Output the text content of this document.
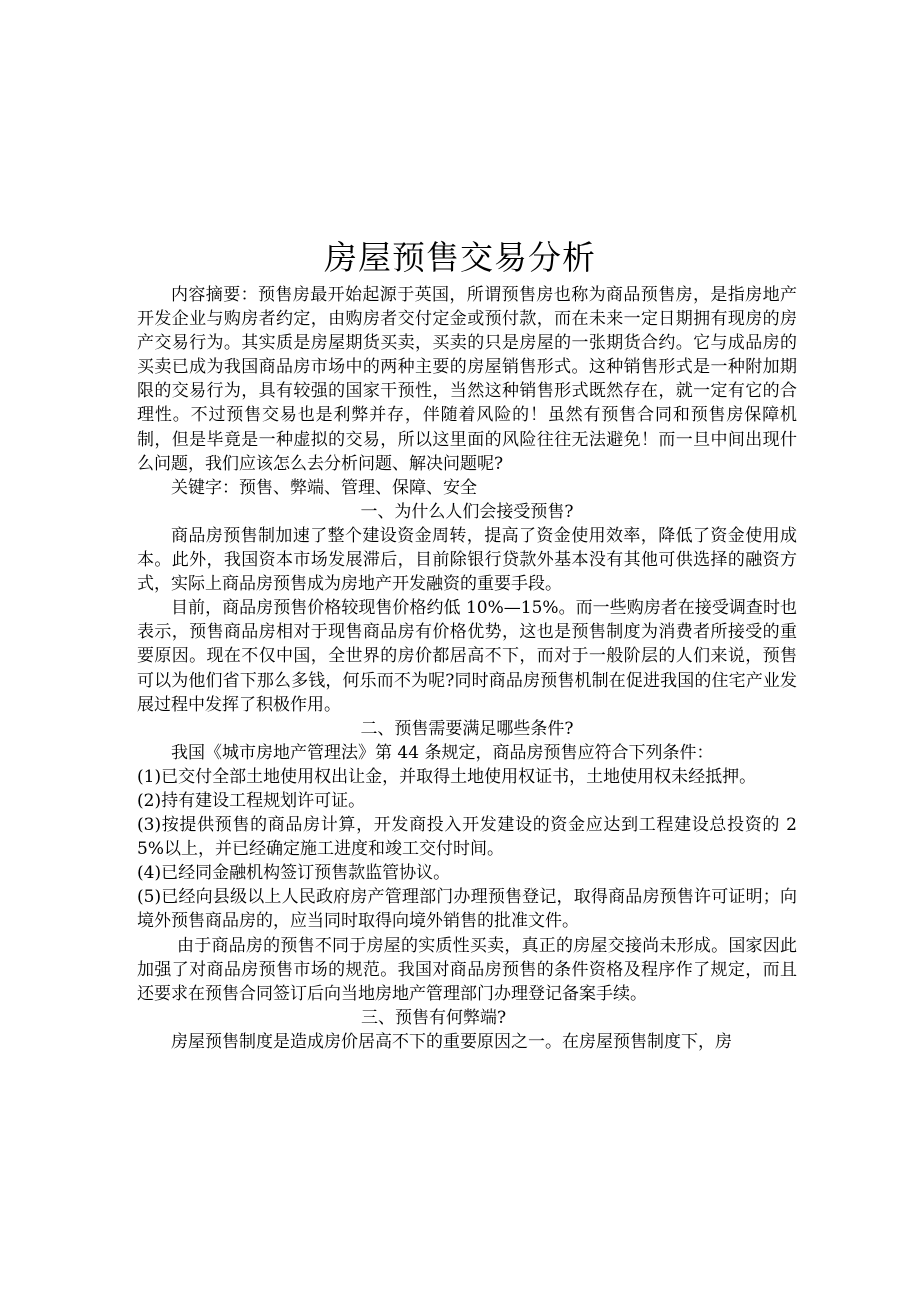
房屋预售交易分析

内容摘要：预售房最开始起源于英国，所谓预售房也称为商品预售房，是指房地产开发企业与购房者约定，由购房者交付定金或预付款，而在未来一定日期拥有现房的房产交易行为。其实质是房屋期货买卖，买卖的只是房屋的一张期货合约。它与成品房的买卖已成为我国商品房市场中的两种主要的房屋销售形式。这种销售形式是一种附加期限的交易行为，具有较强的国家干预性，当然这种销售形式既然存在，就一定有它的合理性。不过预售交易也是利弊并存，伴随着风险的！虽然有预售合同和预售房保障机制，但是毕竟是一种虚拟的交易，所以这里面的风险往往无法避免！而一旦中间出现什么问题，我们应该怎么去分析问题、解决问题呢?

关键字：预售、弊端、管理、保障、安全

一、为什么人们会接受预售?

商品房预售制加速了整个建设资金周转，提高了资金使用效率，降低了资金使用成本。此外，我国资本市场发展滞后，目前除银行贷款外基本没有其他可供选择的融资方式，实际上商品房预售成为房地产开发融资的重要手段。

目前，商品房预售价格较现售价格约低 10%—15%。而一些购房者在接受调查时也表示，预售商品房相对于现售商品房有价格优势，这也是预售制度为消费者所接受的重要原因。现在不仅中国，全世界的房价都居高不下，而对于一般阶层的人们来说，预售可以为他们省下那么多钱，何乐而不为呢?同时商品房预售机制在促进我国的住宅产业发展过程中发挥了积极作用。

二、预售需要满足哪些条件?

我国《城市房地产管理法》第 44 条规定，商品房预售应符合下列条件：

(1)已交付全部土地使用权出让金，并取得土地使用权证书，土地使用权未经抵押。

(2)持有建设工程规划许可证。

(3)按提供预售的商品房计算，开发商投入开发建设的资金应达到工程建设总投资的 25%以上，并已经确定施工进度和竣工交付时间。

(4)已经同金融机构签订预售款监管协议。

(5)已经向县级以上人民政府房产管理部门办理预售登记，取得商品房预售许可证明；向境外预售商品房的，应当同时取得向境外销售的批准文件。

由于商品房的预售不同于房屋的实质性买卖，真正的房屋交接尚未形成。国家因此加强了对商品房预售市场的规范。我国对商品房预售的条件资格及程序作了规定，而且还要求在预售合同签订后向当地房地产管理部门办理登记备案手续。

三、预售有何弊端?

房屋预售制度是造成房价居高不下的重要原因之一。在房屋预售制度下，房
